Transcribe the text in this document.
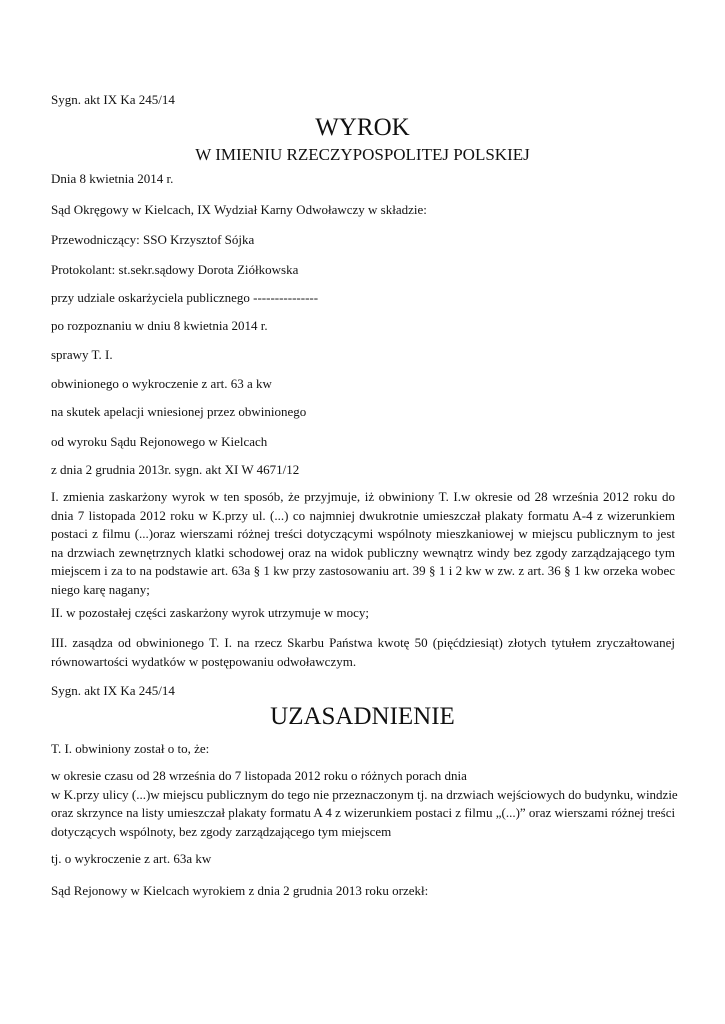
Sygn. akt IX Ka 245/14
WYROK
W IMIENIU RZECZYPOSPOLITEJ POLSKIEJ
Dnia 8 kwietnia 2014 r.
Sąd Okręgowy w Kielcach, IX Wydział Karny Odwoławczy w składzie:
Przewodniczący: SSO Krzysztof Sójka
Protokolant: st.sekr.sądowy Dorota Ziółkowska
przy udziale oskarżyciela publicznego ---------------
po rozpoznaniu w dniu 8 kwietnia 2014 r.
sprawy T. I.
obwinionego o wykroczenie z art. 63 a kw
na skutek apelacji wniesionej przez obwinionego
od wyroku Sądu Rejonowego w Kielcach
z dnia 2 grudnia 2013r. sygn. akt XI W 4671/12
I. zmienia zaskarżony wyrok w ten sposób, że przyjmuje, iż obwiniony T. I.w okresie od 28 września 2012 roku do dnia 7 listopada 2012 roku w K.przy ul. (...) co najmniej dwukrotnie umieszczał plakaty formatu A-4 z wizerunkiem postaci z filmu (...)oraz wierszami różnej treści dotyczącymi wspólnoty mieszkaniowej w miejscu publicznym to jest na drzwiach zewnętrznych klatki schodowej oraz na widok publiczny wewnątrz windy bez zgody zarządzającego tym miejscem i za to na podstawie art. 63a § 1 kw przy zastosowaniu art. 39 § 1 i 2 kw w zw. z art. 36 § 1 kw orzeka wobec niego karę nagany;
II. w pozostałej części zaskarżony wyrok utrzymuje w mocy;
III. zasądza od obwinionego T. I. na rzecz Skarbu Państwa kwotę 50 (pięćdziesiąt) złotych tytułem zryczałtowanej równowartości wydatków w postępowaniu odwoławczym.
Sygn. akt IX Ka 245/14
UZASADNIENIE
T. I. obwiniony został o to, że:
w okresie czasu od 28 września do 7 listopada 2012 roku o różnych porach dnia
w K.przy ulicy (...)w miejscu publicznym do tego nie przeznaczonym tj. na drzwiach wejściowych do budynku, windzie
oraz skrzynce na listy umieszczał plakaty formatu A 4 z wizerunkiem postaci z filmu „(...)” oraz wierszami różnej treści
dotyczących wspólnoty, bez zgody zarządzającego tym miejscem
tj. o wykroczenie z art. 63a kw
Sąd Rejonowy w Kielcach wyrokiem z dnia 2 grudnia 2013 roku orzekł:
